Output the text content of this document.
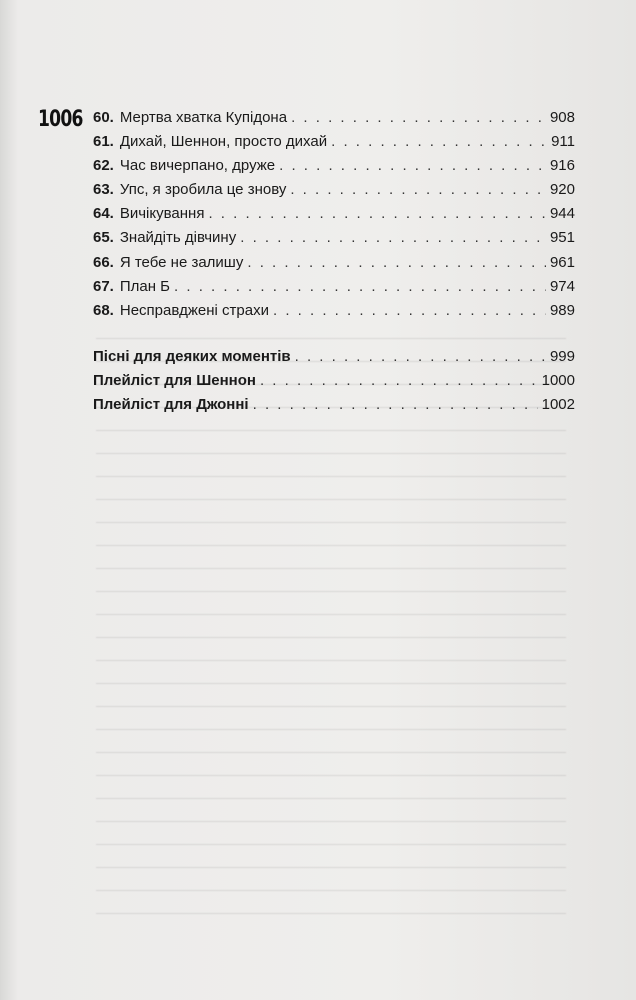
1006 60. Мертва хватка Купідона . . .	908
61. Дихай, Шеннон, просто дихай . . .	911
62. Час вичерпано, друже . . .	916
63. Упс, я зробила це знову . . .	920
64. Вичікування . . .	944
65. Знайдіть дівчину . . .	951
66. Я тебе не залишу . . .	961
67. План Б . . .	974
68. Несправджені страхи . . .	989
Пісні для деяких моментів . . .	999
Плейліст для Шеннон . . .	1000
Плейліст для Джонні . . .	1002
